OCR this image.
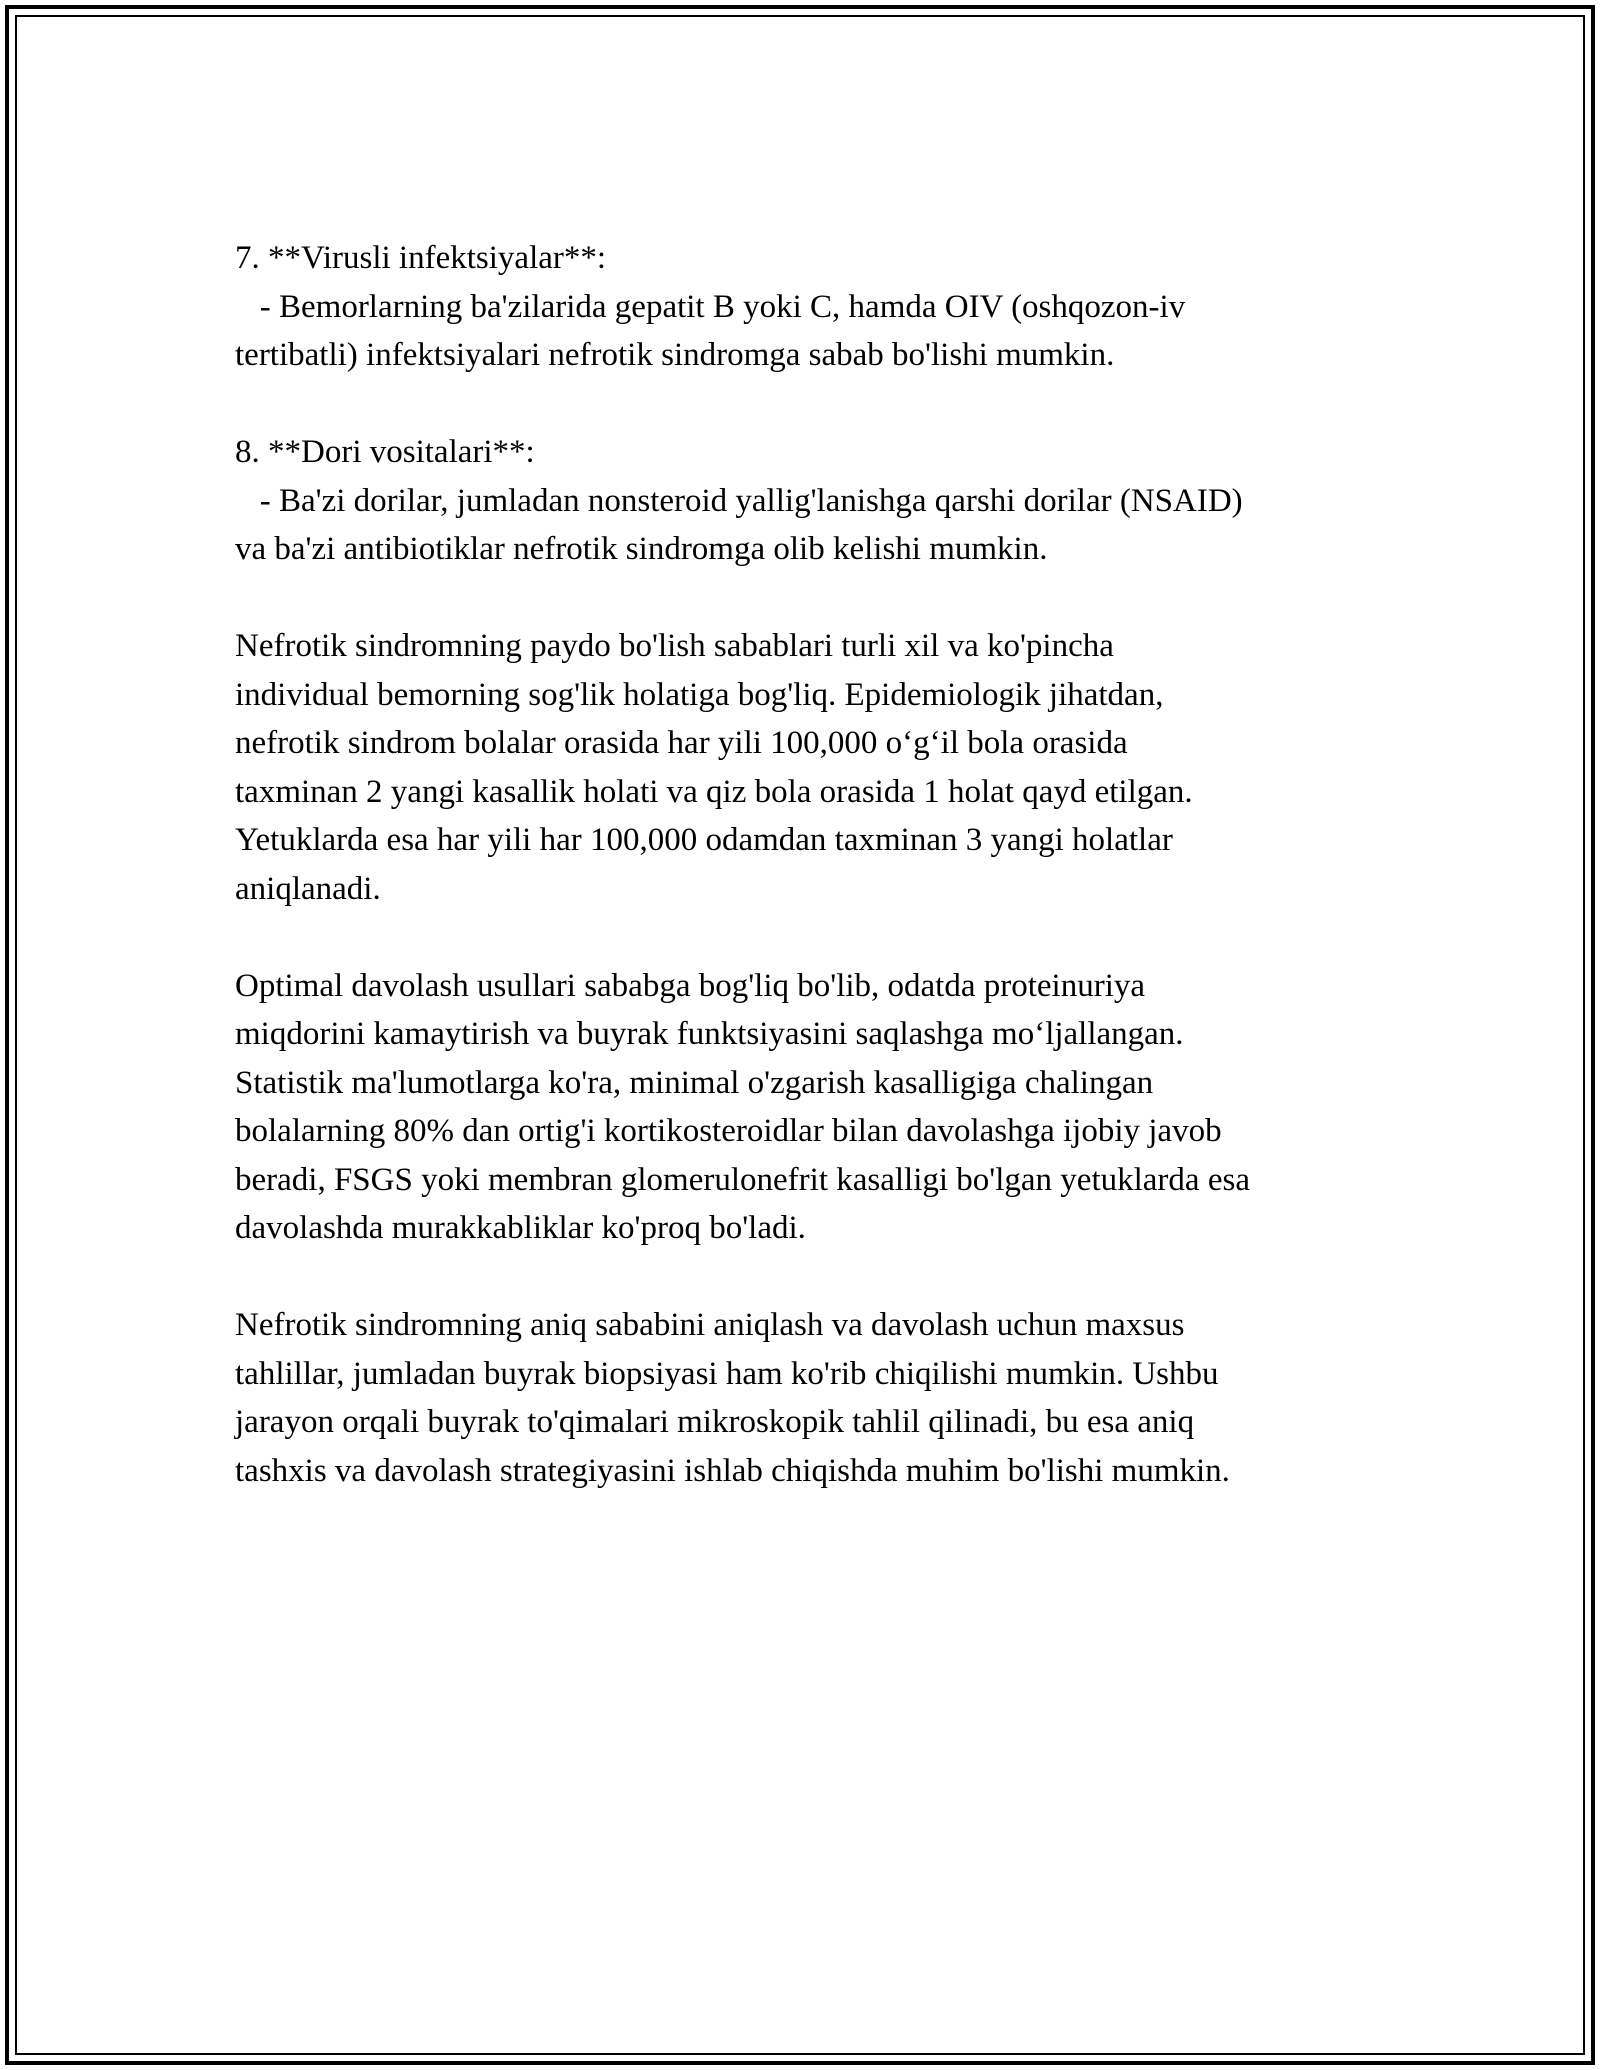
7. **Virusli infektsiyalar**:
- Bemorlarning ba'zilarida gepatit B yoki C, hamda OIV (oshqozon-iv
tertibatli) infektsiyalari nefrotik sindromga sabab bo'lishi mumkin.
8. **Dori vositalari**:
- Ba'zi dorilar, jumladan nonsteroid yallig'lanishga qarshi dorilar (NSAID)
va ba'zi antibiotiklar nefrotik sindromga olib kelishi mumkin.
Nefrotik sindromning paydo bo'lish sabablari turli xil va ko'pincha
individual bemorning sog'lik holatiga bog'liq. Epidemiologik jihatdan,
nefrotik sindrom bolalar orasida har yili 100,000 o‘g‘il bola orasida
taxminan 2 yangi kasallik holati va qiz bola orasida 1 holat qayd etilgan.
Yetuklarda esa har yili har 100,000 odamdan taxminan 3 yangi holatlar
aniqlanadi.
Optimal davolash usullari sababga bog'liq bo'lib, odatda proteinuriya
miqdorini kamaytirish va buyrak funktsiyasini saqlashga mo‘ljallangan.
Statistik ma'lumotlarga ko'ra, minimal o'zgarish kasalligiga chalingan
bolalarning 80% dan ortig'i kortikosteroidlar bilan davolashga ijobiy javob
beradi, FSGS yoki membran glomerulonefrit kasalligi bo'lgan yetuklarda esa
davolashda murakkabliklar ko'proq bo'ladi.
Nefrotik sindromning aniq sababini aniqlash va davolash uchun maxsus
tahlillar, jumladan buyrak biopsiyasi ham ko'rib chiqilishi mumkin. Ushbu
jarayon orqali buyrak to'qimalari mikroskopik tahlil qilinadi, bu esa aniq
tashxis va davolash strategiyasini ishlab chiqishda muhim bo'lishi mumkin.
